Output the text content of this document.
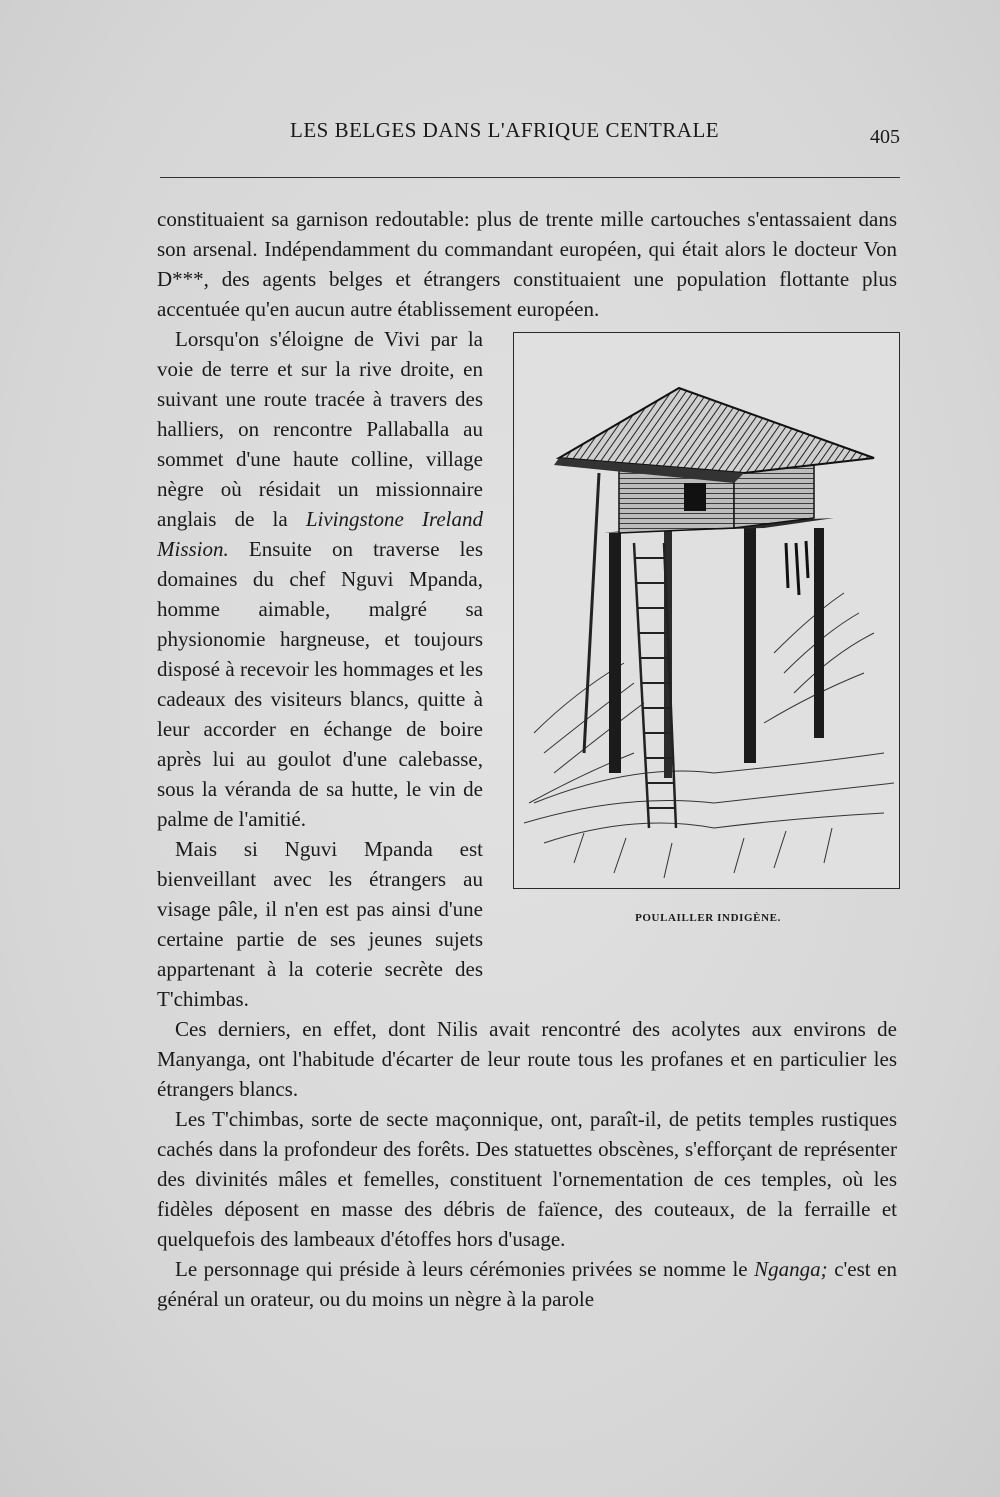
LES BELGES DANS L'AFRIQUE CENTRALE	405

constituaient sa garnison redoutable: plus de trente mille cartouches s'entassaient dans son arsenal. Indépendamment du commandant européen, qui était alors le docteur Von D***, des agents belges et étrangers constituaient une population flottante plus accentuée qu'en aucun autre établissement européen.

POULAILLER INDIGÈNE.

Lorsqu'on s'éloigne de Vivi par la voie de terre et sur la rive droite, en suivant une route tracée à travers des halliers, on rencontre Pallaballa au sommet d'une haute colline, village nègre où résidait un missionnaire anglais de la Livingstone Ireland Mission. Ensuite on traverse les domaines du chef Nguvi Mpanda, homme aimable, malgré sa physionomie hargneuse, et toujours disposé à recevoir les hommages et les cadeaux des visiteurs blancs, quitte à leur accorder en échange de boire après lui au goulot d'une calebasse, sous la véranda de sa hutte, le vin de palme de l'amitié.

Mais si Nguvi Mpanda est bienveillant avec les étrangers au visage pâle, il n'en est pas ainsi d'une certaine partie de ses jeunes sujets appartenant à la coterie secrète des T'chimbas.

Ces derniers, en effet, dont Nilis avait rencontré des acolytes aux environs de Manyanga, ont l'habitude d'écarter de leur route tous les profanes et en particulier les étrangers blancs.

Les T'chimbas, sorte de secte maçonnique, ont, paraît-il, de petits temples rustiques cachés dans la profondeur des forêts. Des statuettes obscènes, s'efforçant de représenter des divinités mâles et femelles, constituent l'ornementation de ces temples, où les fidèles déposent en masse des débris de faïence, des couteaux, de la ferraille et quelquefois des lambeaux d'étoffes hors d'usage.

Le personnage qui préside à leurs cérémonies privées se nomme le Nganga; c'est en général un orateur, ou du moins un nègre à la parole
